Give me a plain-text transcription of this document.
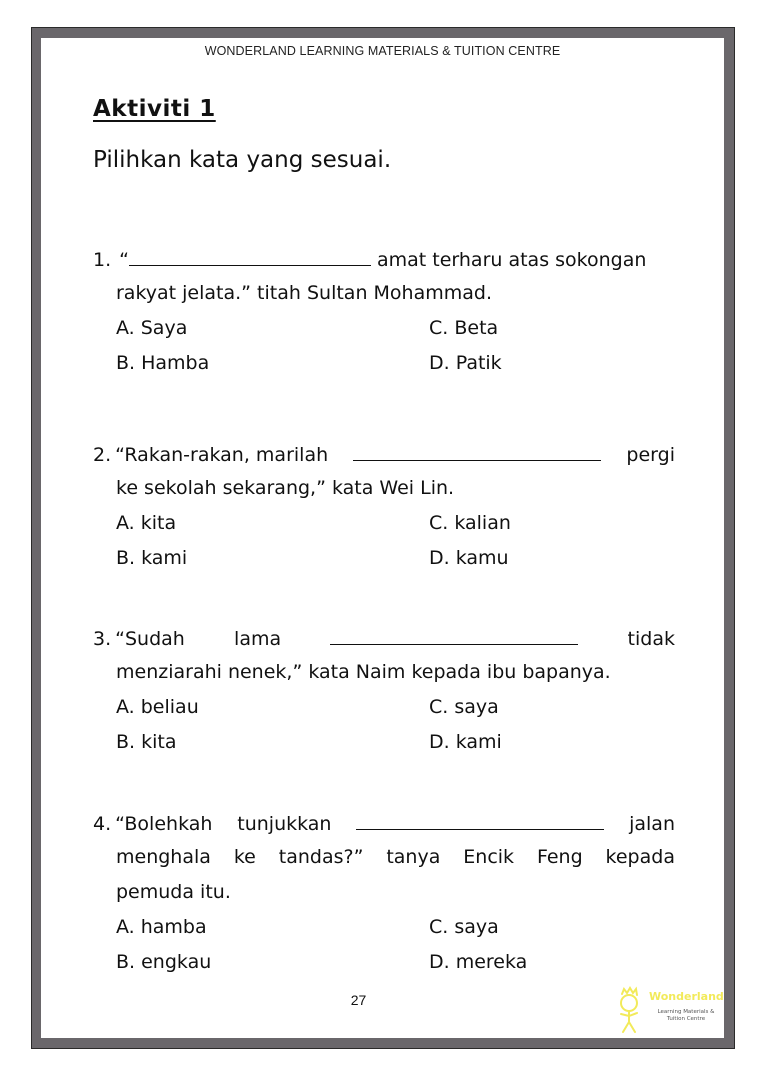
WONDERLAND LEARNING MATERIALS & TUITION CENTRE
Aktiviti 1
Pilihkan kata yang sesuai.
1. “	amat terharu atas sokongan
rakyat jelata.” titah Sultan Mohammad.
A. Saya	C. Beta
B. Hamba	D. Patik
2. “Rakan-rakan, marilah	pergi
ke sekolah sekarang,” kata Wei Lin.
A. kita	C. kalian
B. kami	D. kamu
3. “Sudah	lama	tidak
menziarahi nenek,” kata Naim kepada ibu bapanya.
A. beliau	C. saya
B. kita	D. kami
4. “Bolehkah tunjukkan	jalan
menghala ke tandas?” tanya Encik Feng kepada
pemuda itu.
A. hamba	C. saya
B. engkau	D. mereka
27	Wonderland
Learning Materials &
Tuition Centre
